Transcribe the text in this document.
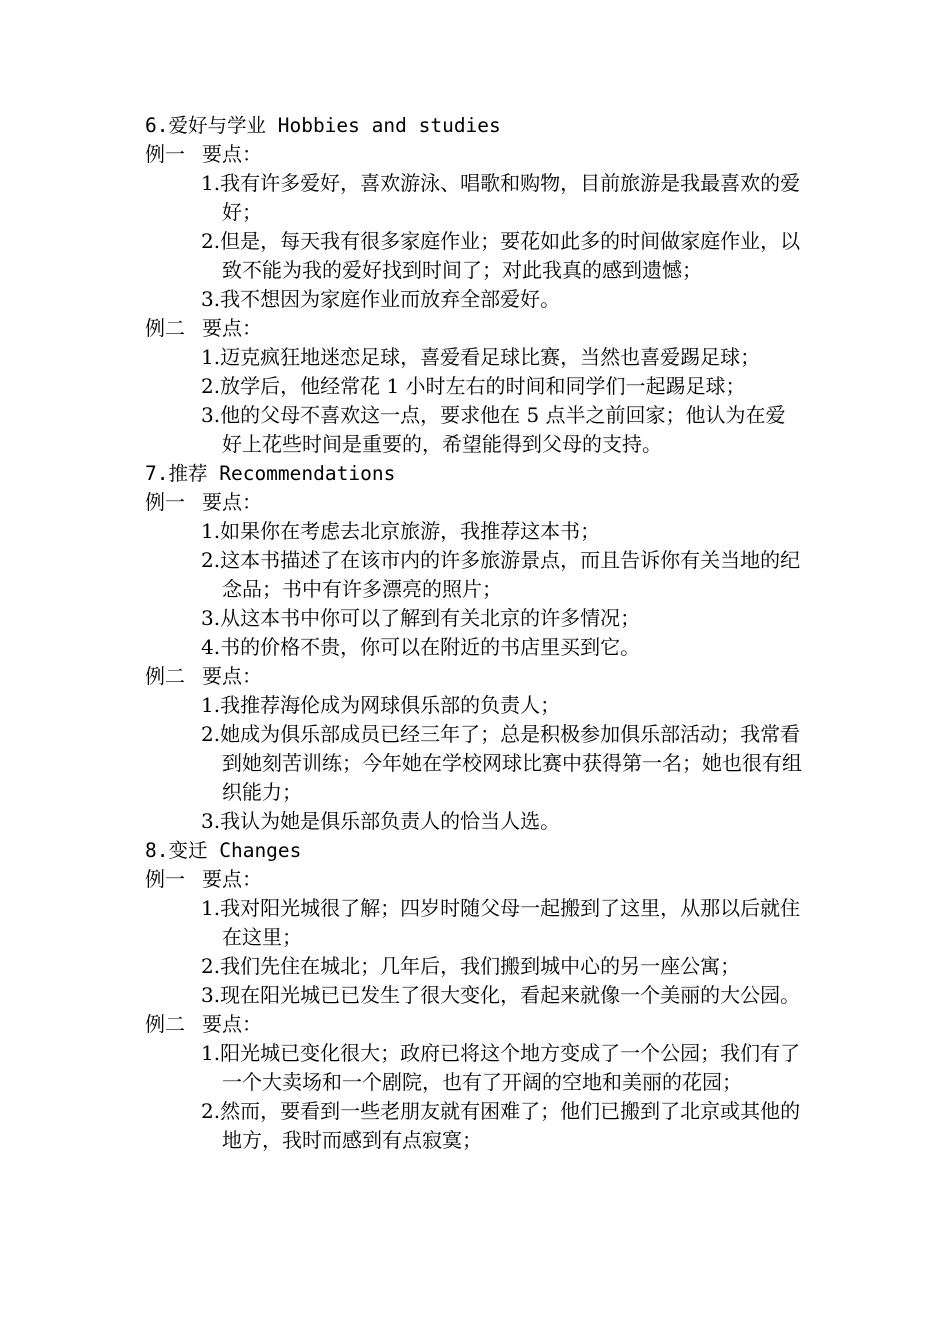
6.爱好与学业 Hobbies and studies
例一 要点：
1.我有许多爱好，喜欢游泳、唱歌和购物，目前旅游是我最喜欢的爱好；
2.但是，每天我有很多家庭作业；要花如此多的时间做家庭作业，以致不能为我的爱好找到时间了；对此我真的感到遗憾；
3.我不想因为家庭作业而放弃全部爱好。
例二 要点：
1.迈克疯狂地迷恋足球，喜爱看足球比赛，当然也喜爱踢足球；
2.放学后，他经常花 1 小时左右的时间和同学们一起踢足球；
3.他的父母不喜欢这一点，要求他在 5 点半之前回家；他认为在爱好上花些时间是重要的，希望能得到父母的支持。
7.推荐 Recommendations
例一 要点：
1.如果你在考虑去北京旅游，我推荐这本书；
2.这本书描述了在该市内的许多旅游景点，而且告诉你有关当地的纪念品；书中有许多漂亮的照片；
3.从这本书中你可以了解到有关北京的许多情况；
4.书的价格不贵，你可以在附近的书店里买到它。
例二 要点：
1.我推荐海伦成为网球俱乐部的负责人；
2.她成为俱乐部成员已经三年了；总是积极参加俱乐部活动；我常看到她刻苦训练；今年她在学校网球比赛中获得第一名；她也很有组织能力；
3.我认为她是俱乐部负责人的恰当人选。
8.变迁 Changes
例一 要点：
1.我对阳光城很了解；四岁时随父母一起搬到了这里，从那以后就住在这里；
2.我们先住在城北；几年后，我们搬到城中心的另一座公寓；
3.现在阳光城已已发生了很大变化，看起来就像一个美丽的大公园。
例二 要点：
1.阳光城已变化很大；政府已将这个地方变成了一个公园；我们有了一个大卖场和一个剧院，也有了开阔的空地和美丽的花园；
2.然而，要看到一些老朋友就有困难了；他们已搬到了北京或其他的地方，我时而感到有点寂寞；
